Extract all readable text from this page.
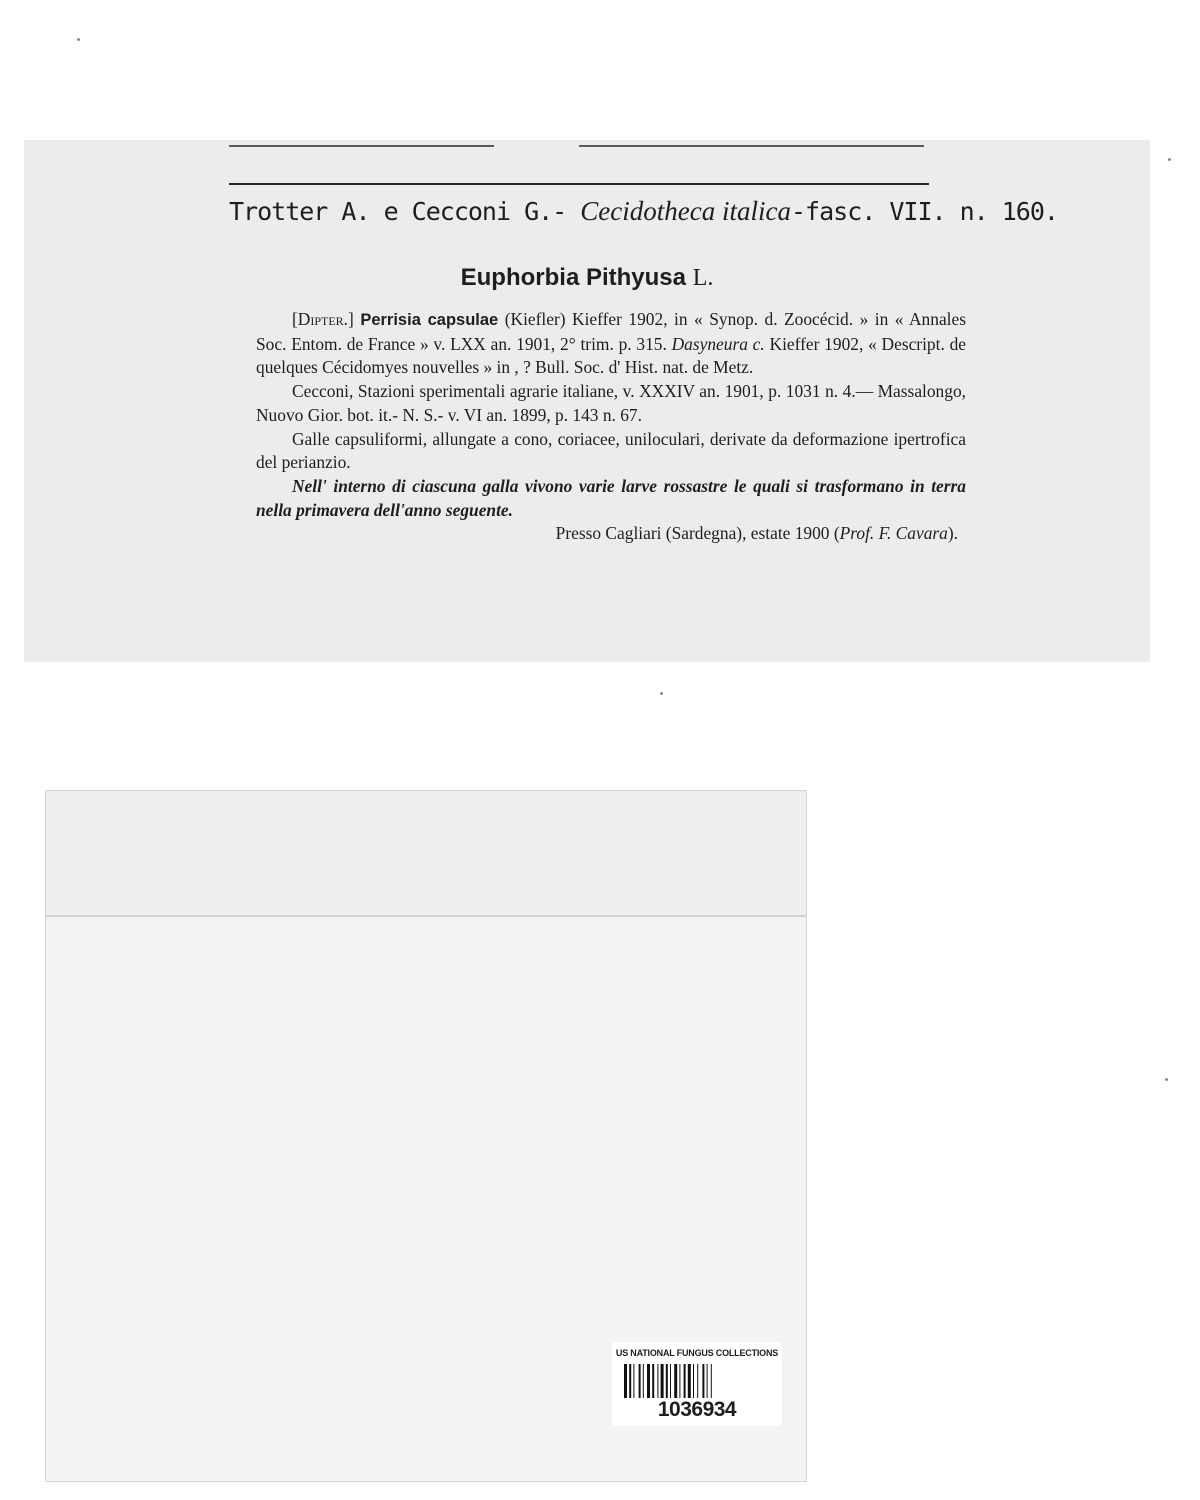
Trotter A. e Cecconi G.- Cecidotheca italica-fasc. VII. n. 160.
Euphorbia Pithyusa L.

[Dipter.] Perrisia capsulae (Kiefler) Kieffer 1902, in « Synop. d. Zoocécid. » in « Annales Soc. Entom. de France » v. LXX an. 1901, 2° trim. p. 315. Dasyneura c. Kieffer 1902, « Descript. de quelques Cécidomyes nouvelles » in , ? Bull. Soc. d' Hist. nat. de Metz.

Cecconi, Stazioni sperimentali agrarie italiane, v. XXXIV an. 1901, p. 1031 n. 4.— Massalongo, Nuovo Gior. bot. it.- N. S.- v. VI an. 1899, p. 143 n. 67.

Galle capsuliformi, allungate a cono, coriacee, uniloculari, derivate da deformazione ipertrofica del perianzio.

Nell' interno di ciascuna galla vivono varie larve rossastre le quali si trasformano in terra nella primavera dell'anno seguente.

Presso Cagliari (Sardegna), estate 1900 (Prof. F. Cavara).

US NATIONAL FUNGUS COLLECTIONS
1036934
